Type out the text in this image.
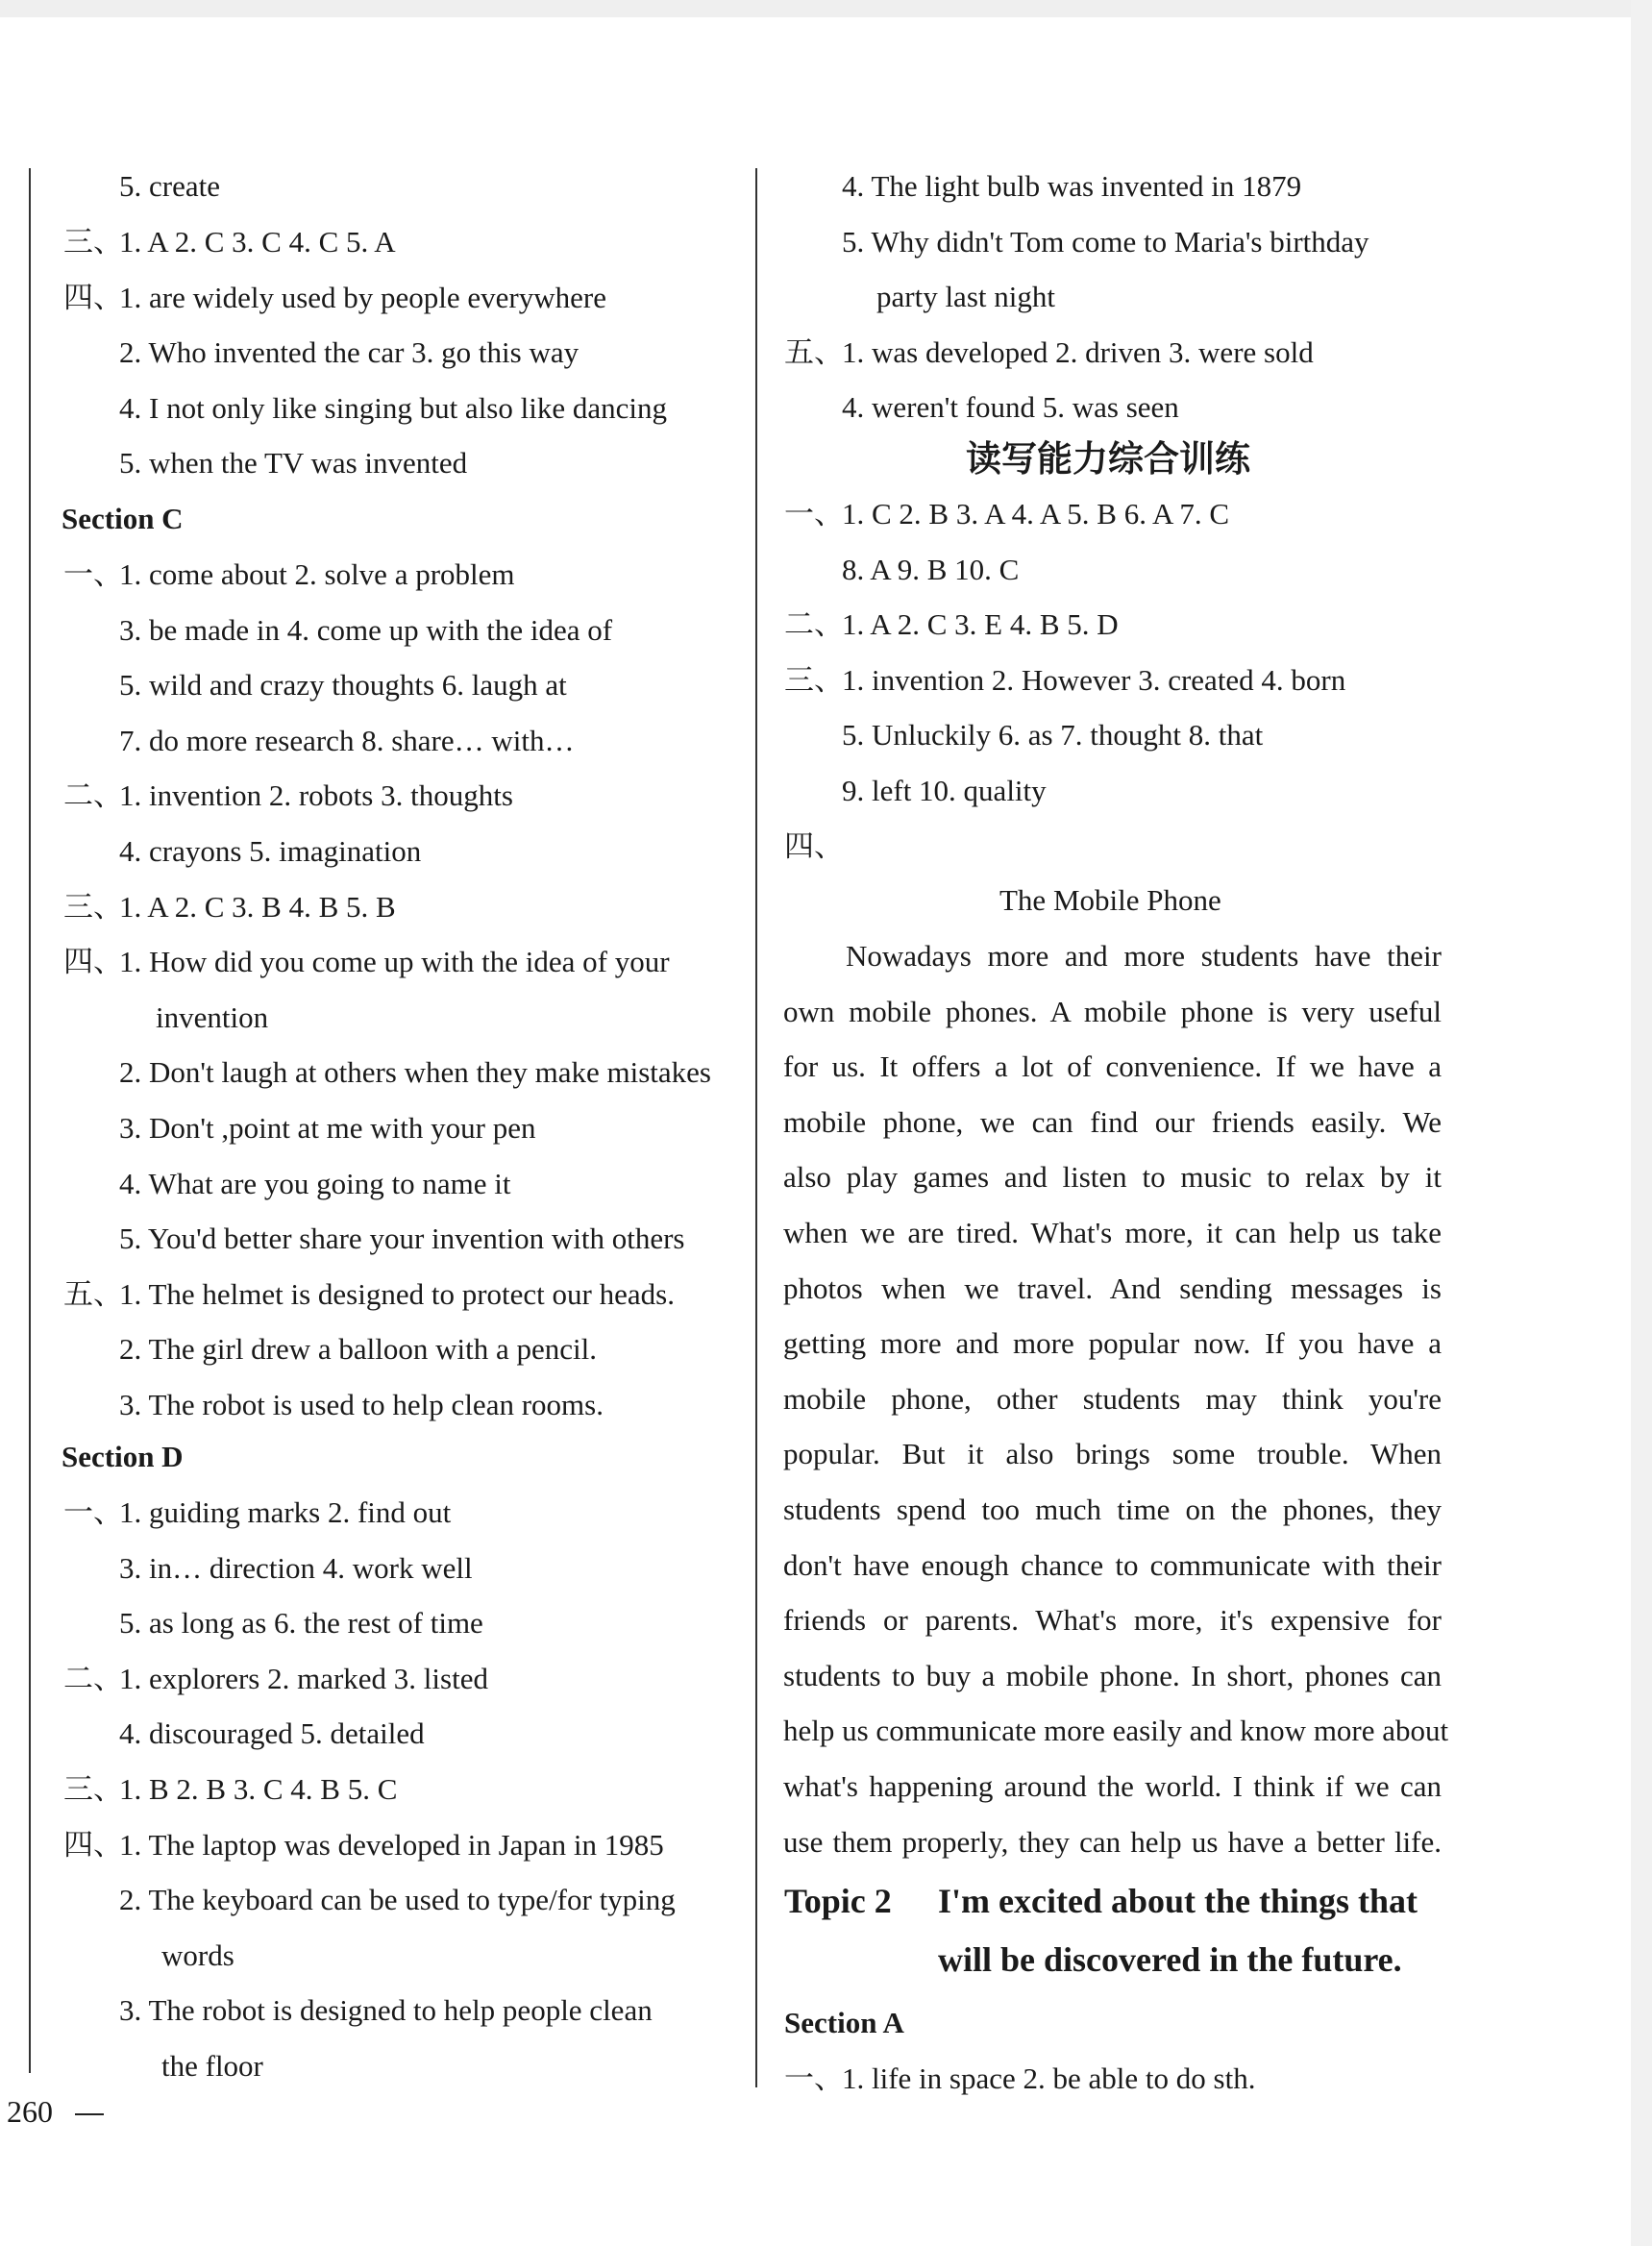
5. create
三、
1. A 2. C 3. C 4. C 5. A
四、
1. are widely used by people everywhere
2. Who invented the car 3. go this way
4. I not only like singing but also like dancing
5. when the TV was invented
Section C
一、
1. come about 2. solve a problem
3. be made in 4. come up with the idea of
5. wild and crazy thoughts 6. laugh at
7. do more research 8. share… with…
二、
1. invention 2. robots 3. thoughts
4. crayons 5. imagination
三、
1. A 2. C 3. B 4. B 5. B
四、
1. How did you come up with the idea of your
invention
2. Don't laugh at others when they make mistakes
3. Don't ,point at me with your pen
4. What are you going to name it
5. You'd better share your invention with others
五、
1. The helmet is designed to protect our heads.
2. The girl drew a balloon with a pencil.
3. The robot is used to help clean rooms.
Section D
一、
1. guiding marks 2. find out
3. in… direction 4. work well
5. as long as 6. the rest of time
二、
1. explorers 2. marked 3. listed
4. discouraged 5. detailed
三、
1. B 2. B 3. C 4. B 5. C
四、
1. The laptop was developed in Japan in 1985
2. The keyboard can be used to type/for typing
words
3. The robot is designed to help people clean
the floor
4. The light bulb was invented in 1879
5. Why didn't Tom come to Maria's birthday
party last night
五、
1. was developed 2. driven 3. were sold
4. weren't found 5. was seen
读写能力综合训练
一、
1. C 2. B 3. A 4. A 5. B 6. A 7. C
8. A 9. B 10. C
二、
1. A 2. C 3. E 4. B 5. D
三、
1. invention 2. However 3. created 4. born
5. Unluckily 6. as 7. thought 8. that
9. left 10. quality
四、
The Mobile Phone
Nowadays more and more students have their
own mobile phones. A mobile phone is very useful
for us. It offers a lot of convenience. If we have a
mobile phone, we can find our friends easily. We
also play games and listen to music to relax by it
when we are tired. What's more, it can help us take
photos when we travel. And sending messages is
getting more and more popular now. If you have a
mobile phone, other students may think you're
popular. But it also brings some trouble. When
students spend too much time on the phones, they
don't have enough chance to communicate with their
friends or parents. What's more, it's expensive for
students to buy a mobile phone. In short, phones can
help us communicate more easily and know more about
what's happening around the world. I think if we can
use them properly, they can help us have a better life.
Topic 2 I'm excited about the things that
will be discovered in the future.
Section A
一、
1. life in space 2. be able to do sth.
260
